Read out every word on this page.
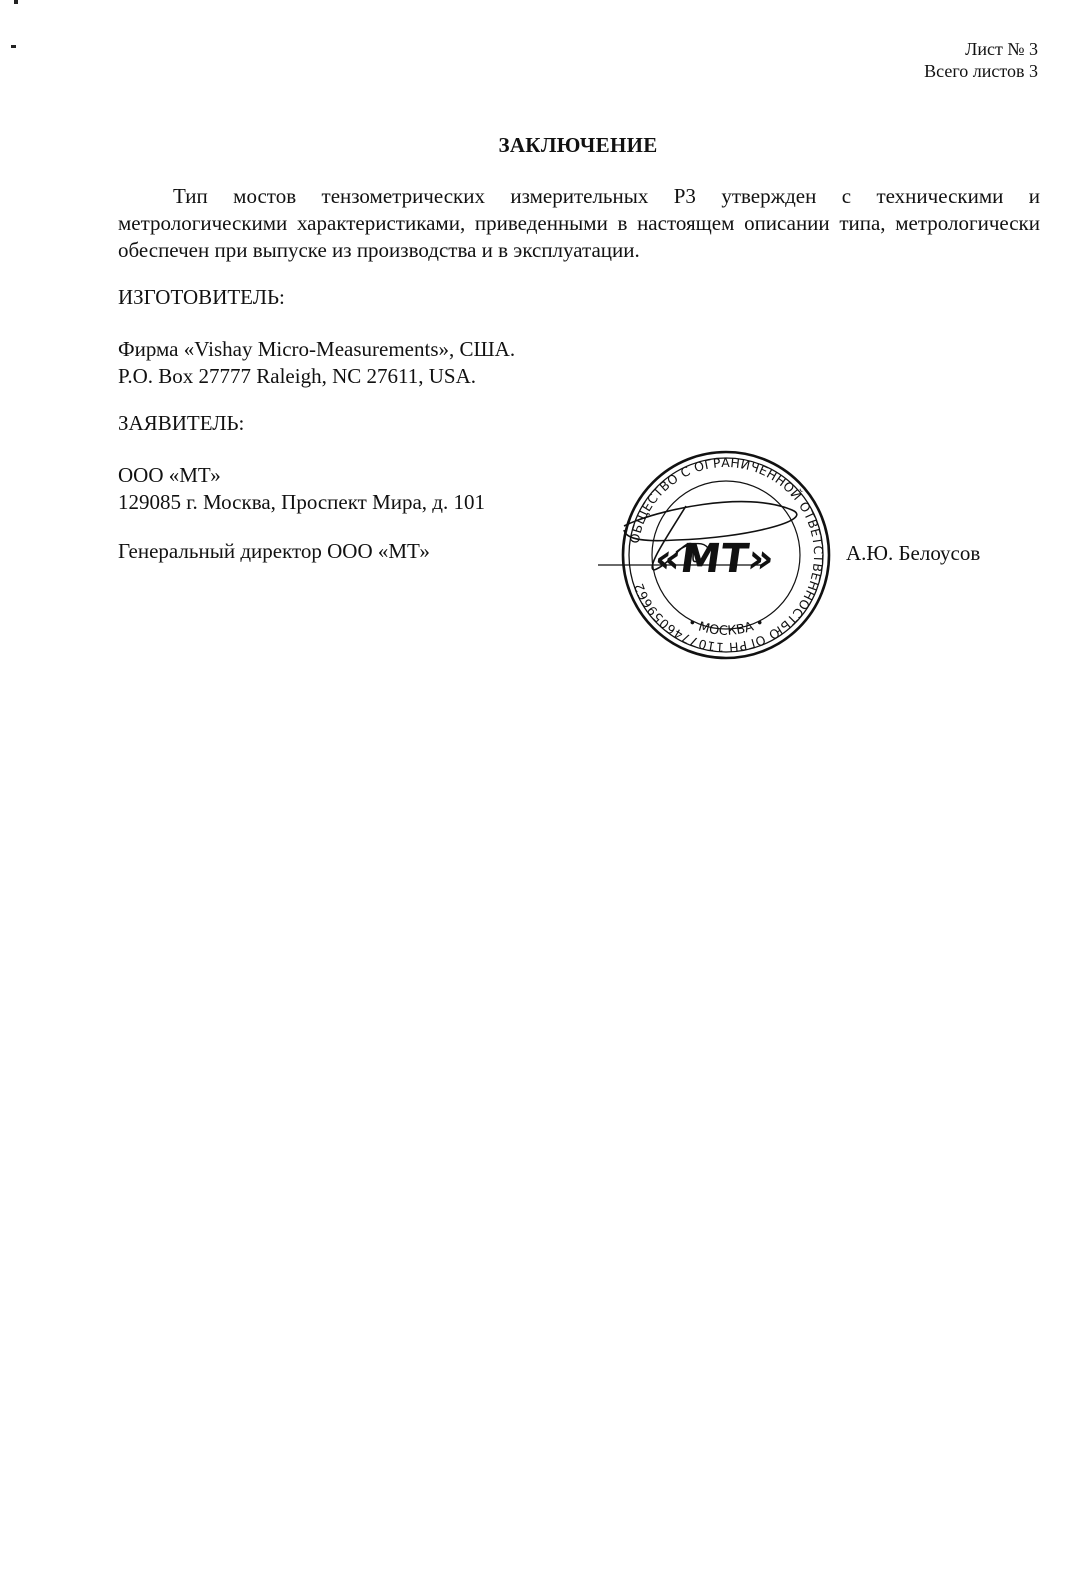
Лист № 3
Всего листов 3
ЗАКЛЮЧЕНИЕ

Тип мостов тензометрических измерительных Р3 утвержден с техническими и метрологическими характеристиками, приведенными в настоящем описании типа, метрологически обеспечен при выпуске из производства и в эксплуатации.

ИЗГОТОВИТЕЛЬ:
Фирма «Vishay Micro-Measurements», США.
P.O. Box 27777 Raleigh, NC 27611, USA.
ЗАЯВИТЕЛЬ:
ООО «МТ»
129085 г. Москва, Проспект Мира, д. 101
Генеральный директор ООО «МТ»
ОБЩЕСТВО С ОГРАНИЧЕННОЙ ОТВЕТСТВЕННОСТЬЮ ОГРН 1107746059662
• МОСКВА •
«МТ»	А.Ю. Белоусов
